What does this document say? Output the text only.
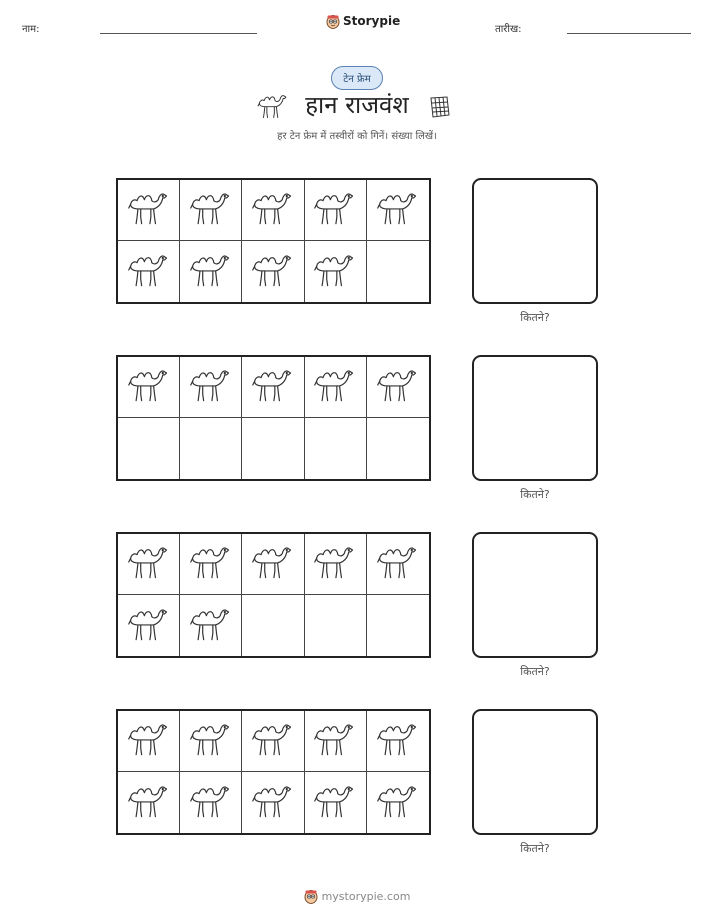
नाम:
Storypie
तारीख:
टेन फ्रेम
हान राजवंश
हर टेन फ्रेम में तस्वीरों को गिनें। संख्या लिखें।
कितने?
कितने?
कितने?
कितने?
mystorypie.com
